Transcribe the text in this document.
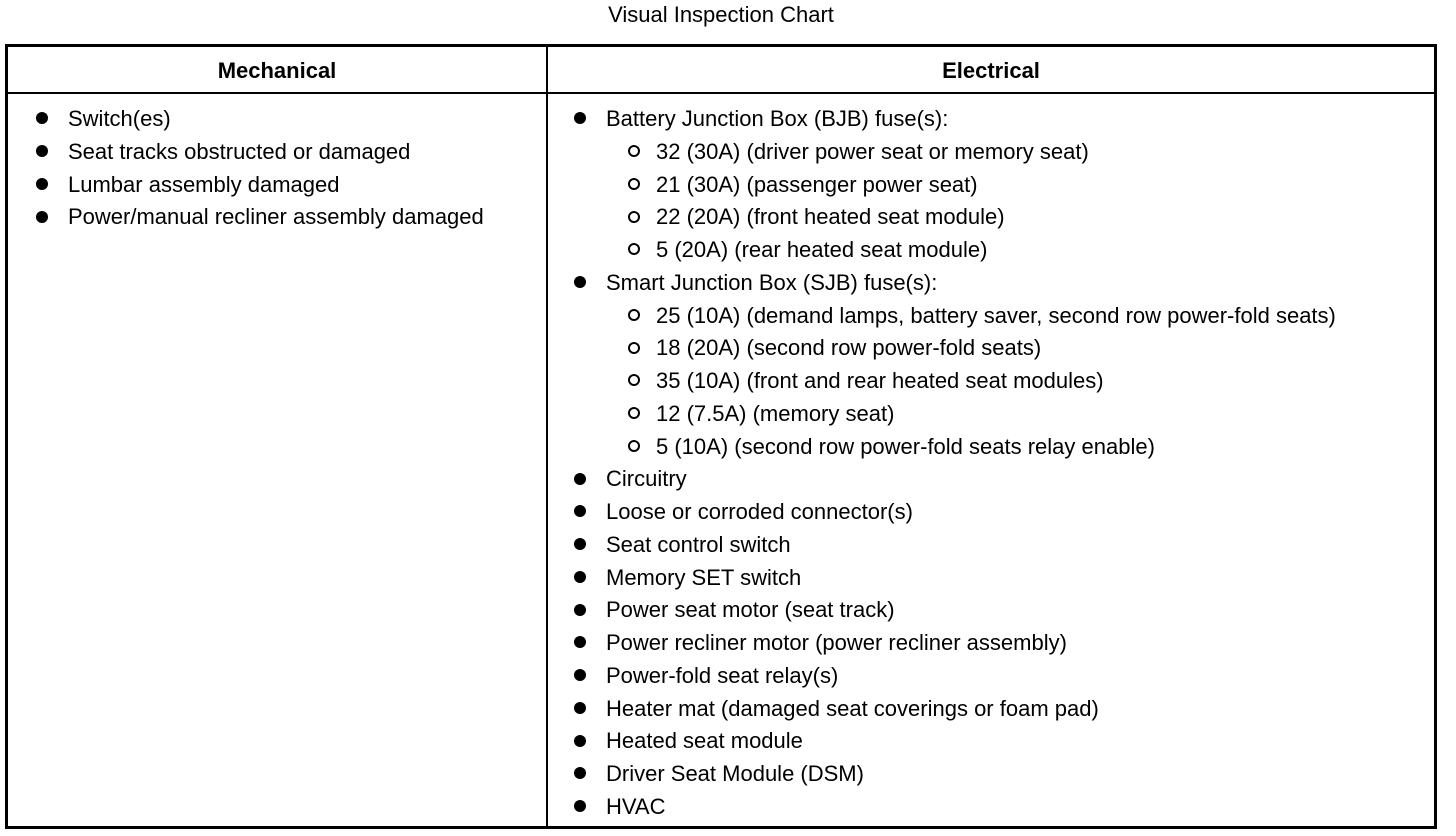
Visual Inspection Chart
Mechanical	Electrical
Switch(es)
Seat tracks obstructed or damaged
Lumbar assembly damaged
Power/manual recliner assembly damaged
Battery Junction Box (BJB) fuse(s):
32 (30A) (driver power seat or memory seat)
21 (30A) (passenger power seat)
22 (20A) (front heated seat module)
5 (20A) (rear heated seat module)
Smart Junction Box (SJB) fuse(s):
25 (10A) (demand lamps, battery saver, second row power-fold seats)
18 (20A) (second row power-fold seats)
35 (10A) (front and rear heated seat modules)
12 (7.5A) (memory seat)
5 (10A) (second row power-fold seats relay enable)
Circuitry
Loose or corroded connector(s)
Seat control switch
Memory SET switch
Power seat motor (seat track)
Power recliner motor (power recliner assembly)
Power-fold seat relay(s)
Heater mat (damaged seat coverings or foam pad)
Heated seat module
Driver Seat Module (DSM)
HVAC
